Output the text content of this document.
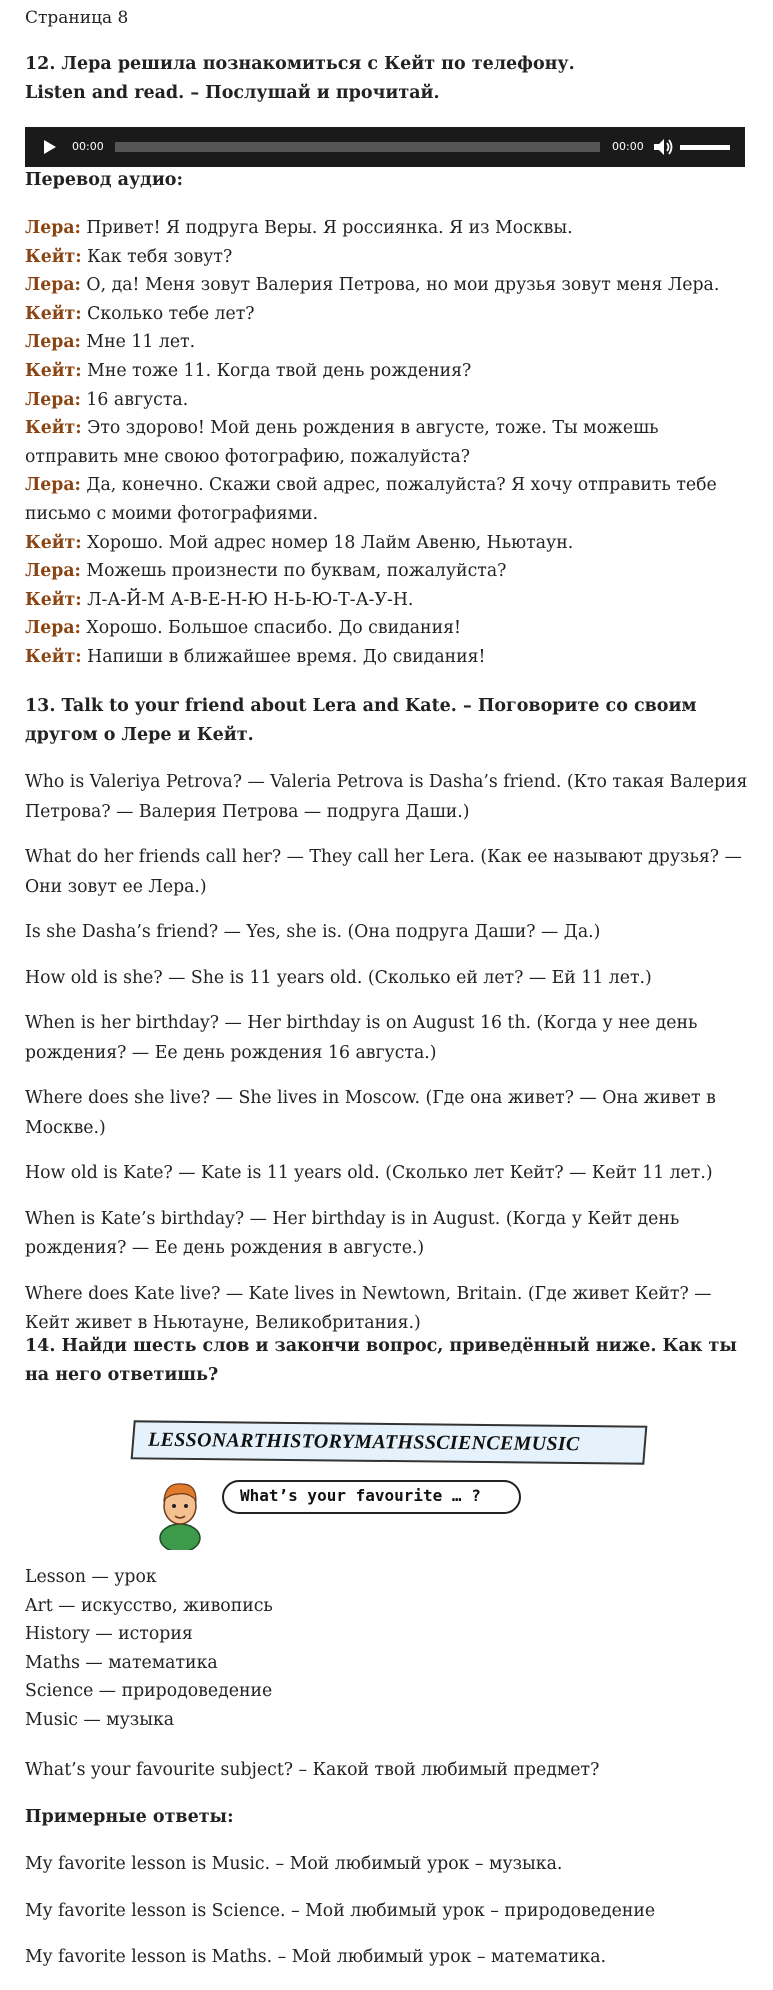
Страница 8

12. Лера решила познакомиться с Кейт по телефону.

Listen and read. – Послушай и прочитай.

00:00	00:00

Перевод аудио:

Лера: Привет! Я подруга Веры. Я россиянка. Я из Москвы.

Кейт: Как тебя зовут?

Лера: О, да! Меня зовут Валерия Петрова, но мои друзья зовут меня Лера.

Кейт: Сколько тебе лет?

Лера: Мне 11 лет.

Кейт: Мне тоже 11. Когда твой день рождения?

Лера: 16 августа.

Кейт: Это здорово! Мой день рождения в августе, тоже. Ты можешь отправить мне своюо фотографию, пожалуйста?

Лера: Да, конечно. Скажи свой адрес, пожалуйста? Я хочу отправить тебе письмо с моими фотографиями.

Кейт: Хорошо. Мой адрес номер 18 Лайм Авеню, Ньютаун.

Лера: Можешь произнести по буквам, пожалуйста?

Кейт: Л-А-Й-М А-В-Е-Н-Ю Н-Ь-Ю-Т-А-У-Н.

Лера: Хорошо. Большое спасибо. До свидания!

Кейт: Напиши в ближайшее время. До свидания!

13. Talk to your friend about Lera and Kate. – Поговорите со своим другом о Лере и Кейт.

Who is Valeriya Petrova? — Valeria Petrova is Dasha’s friend. (Кто такая Валерия Петрова? — Валерия Петрова — подруга Даши.)

What do her friends call her? — They call her Lera. (Как ее называют друзья? — Они зовут ее Лера.)

Is she Dasha’s friend? — Yes, she is. (Она подруга Даши? — Да.)

How old is she? — She is 11 years old. (Сколько ей лет? — Ей 11 лет.)

When is her birthday? — Her birthday is on August 16 th. (Когда у нее день рождения? — Ее день рождения 16 августа.)

Where does she live? — She lives in Moscow. (Где она живет? — Она живет в Москве.)

How old is Kate? — Kate is 11 years old. (Сколько лет Кейт? — Кейт 11 лет.)

When is Kate’s birthday? — Her birthday is in August. (Когда у Кейт день рождения? — Ее день рождения в августе.)

Where does Kate live? — Kate lives in Newtown, Britain. (Где живет Кейт? — Кейт живет в Ньютауне, Великобритания.)

14. Найди шесть слов и закончи вопрос, приведённый ниже. Как ты на него ответишь?

LESSONARTHISTORYMATHSSCIENCEMUSIC
What’s your favourite … ?

Lesson — урок

Art — искусство, живопись

History — история

Maths — математика

Science — природоведение

Music — музыка

What’s your favourite subject? – Какой твой любимый предмет?

Примерные ответы:

My favorite lesson is Music. – Мой любимый урок – музыка.

My favorite lesson is Science. – Мой любимый урок – природоведение

My favorite lesson is Maths. – Мой любимый урок – математика.
